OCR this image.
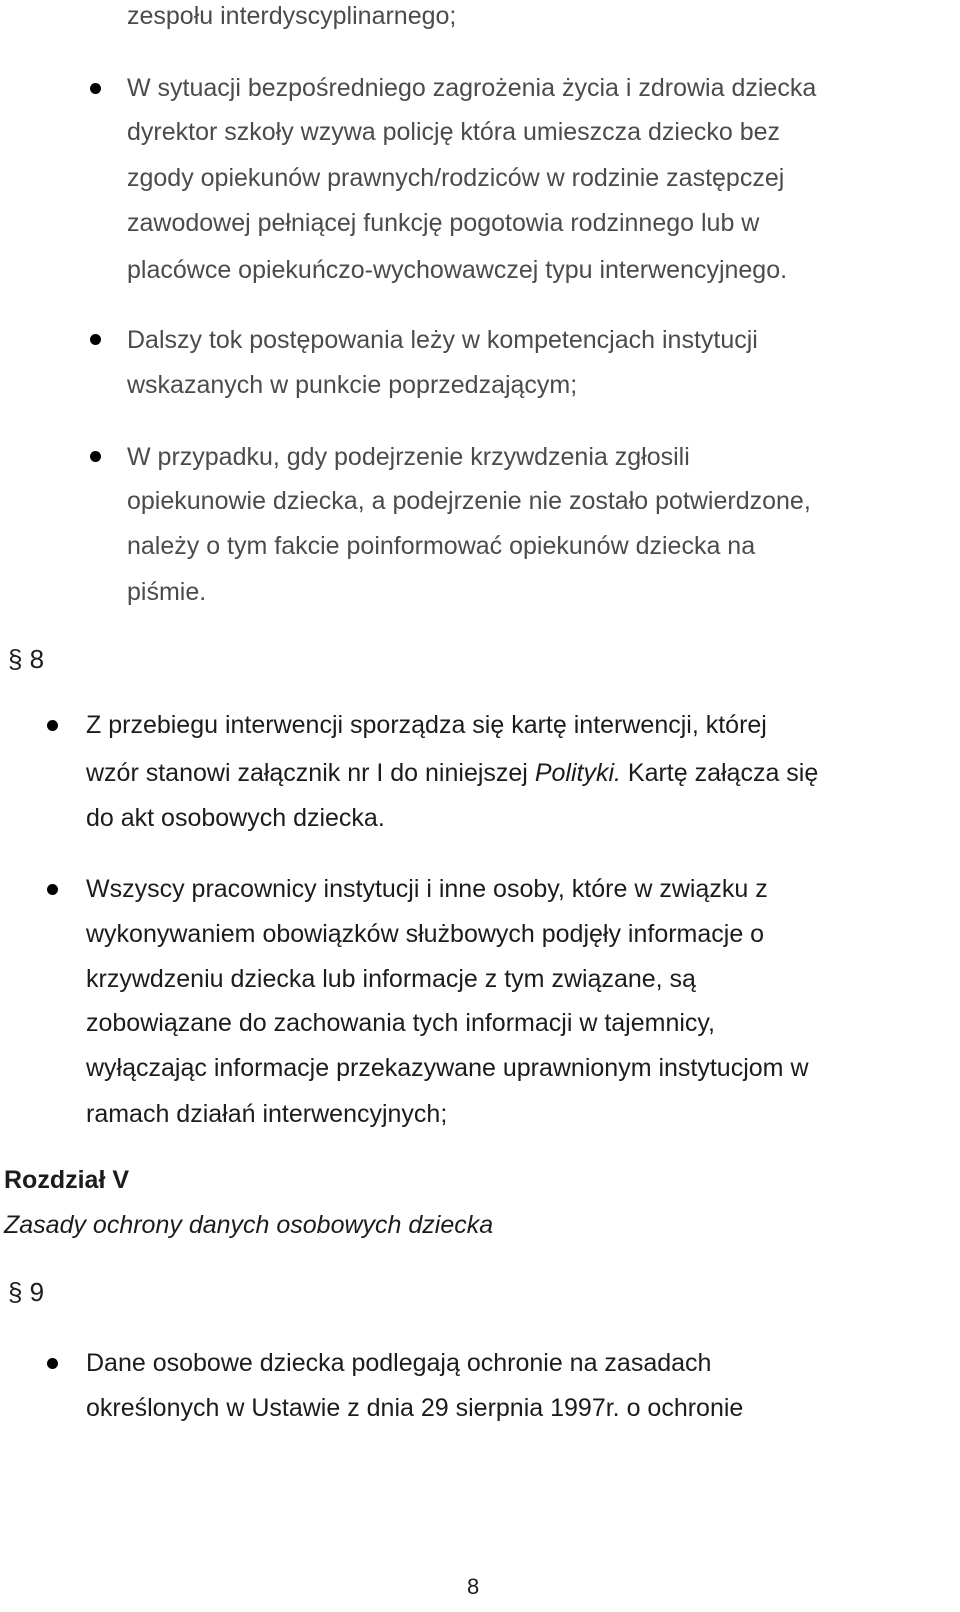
zespołu interdyscyplinarnego;
W sytuacji bezpośredniego zagrożenia życia i zdrowia dziecka
dyrektor szkoły wzywa policję która umieszcza dziecko bez
zgody opiekunów prawnych/rodziców w rodzinie zastępczej
zawodowej pełniącej funkcję pogotowia rodzinnego lub w
placówce opiekuńczo-wychowawczej typu interwencyjnego.
Dalszy tok postępowania leży w kompetencjach instytucji
wskazanych w punkcie poprzedzającym;
W przypadku, gdy podejrzenie krzywdzenia zgłosili
opiekunowie dziecka, a podejrzenie nie zostało potwierdzone,
należy o tym fakcie poinformować opiekunów dziecka na
piśmie.
§ 8
Z przebiegu interwencji sporządza się kartę interwencji, której
wzór stanowi załącznik nr I do niniejszej Polityki. Kartę załącza się
do akt osobowych dziecka.
Wszyscy pracownicy instytucji i inne osoby, które w związku z
wykonywaniem obowiązków służbowych podjęły informacje o
krzywdzeniu dziecka lub informacje z tym związane, są
zobowiązane do zachowania tych informacji w tajemnicy,
wyłączając informacje przekazywane uprawnionym instytucjom w
ramach działań interwencyjnych;
Rozdział V
Zasady ochrony danych osobowych dziecka
§ 9
Dane osobowe dziecka podlegają ochronie na zasadach
określonych w Ustawie z dnia 29 sierpnia 1997r. o ochronie
8
